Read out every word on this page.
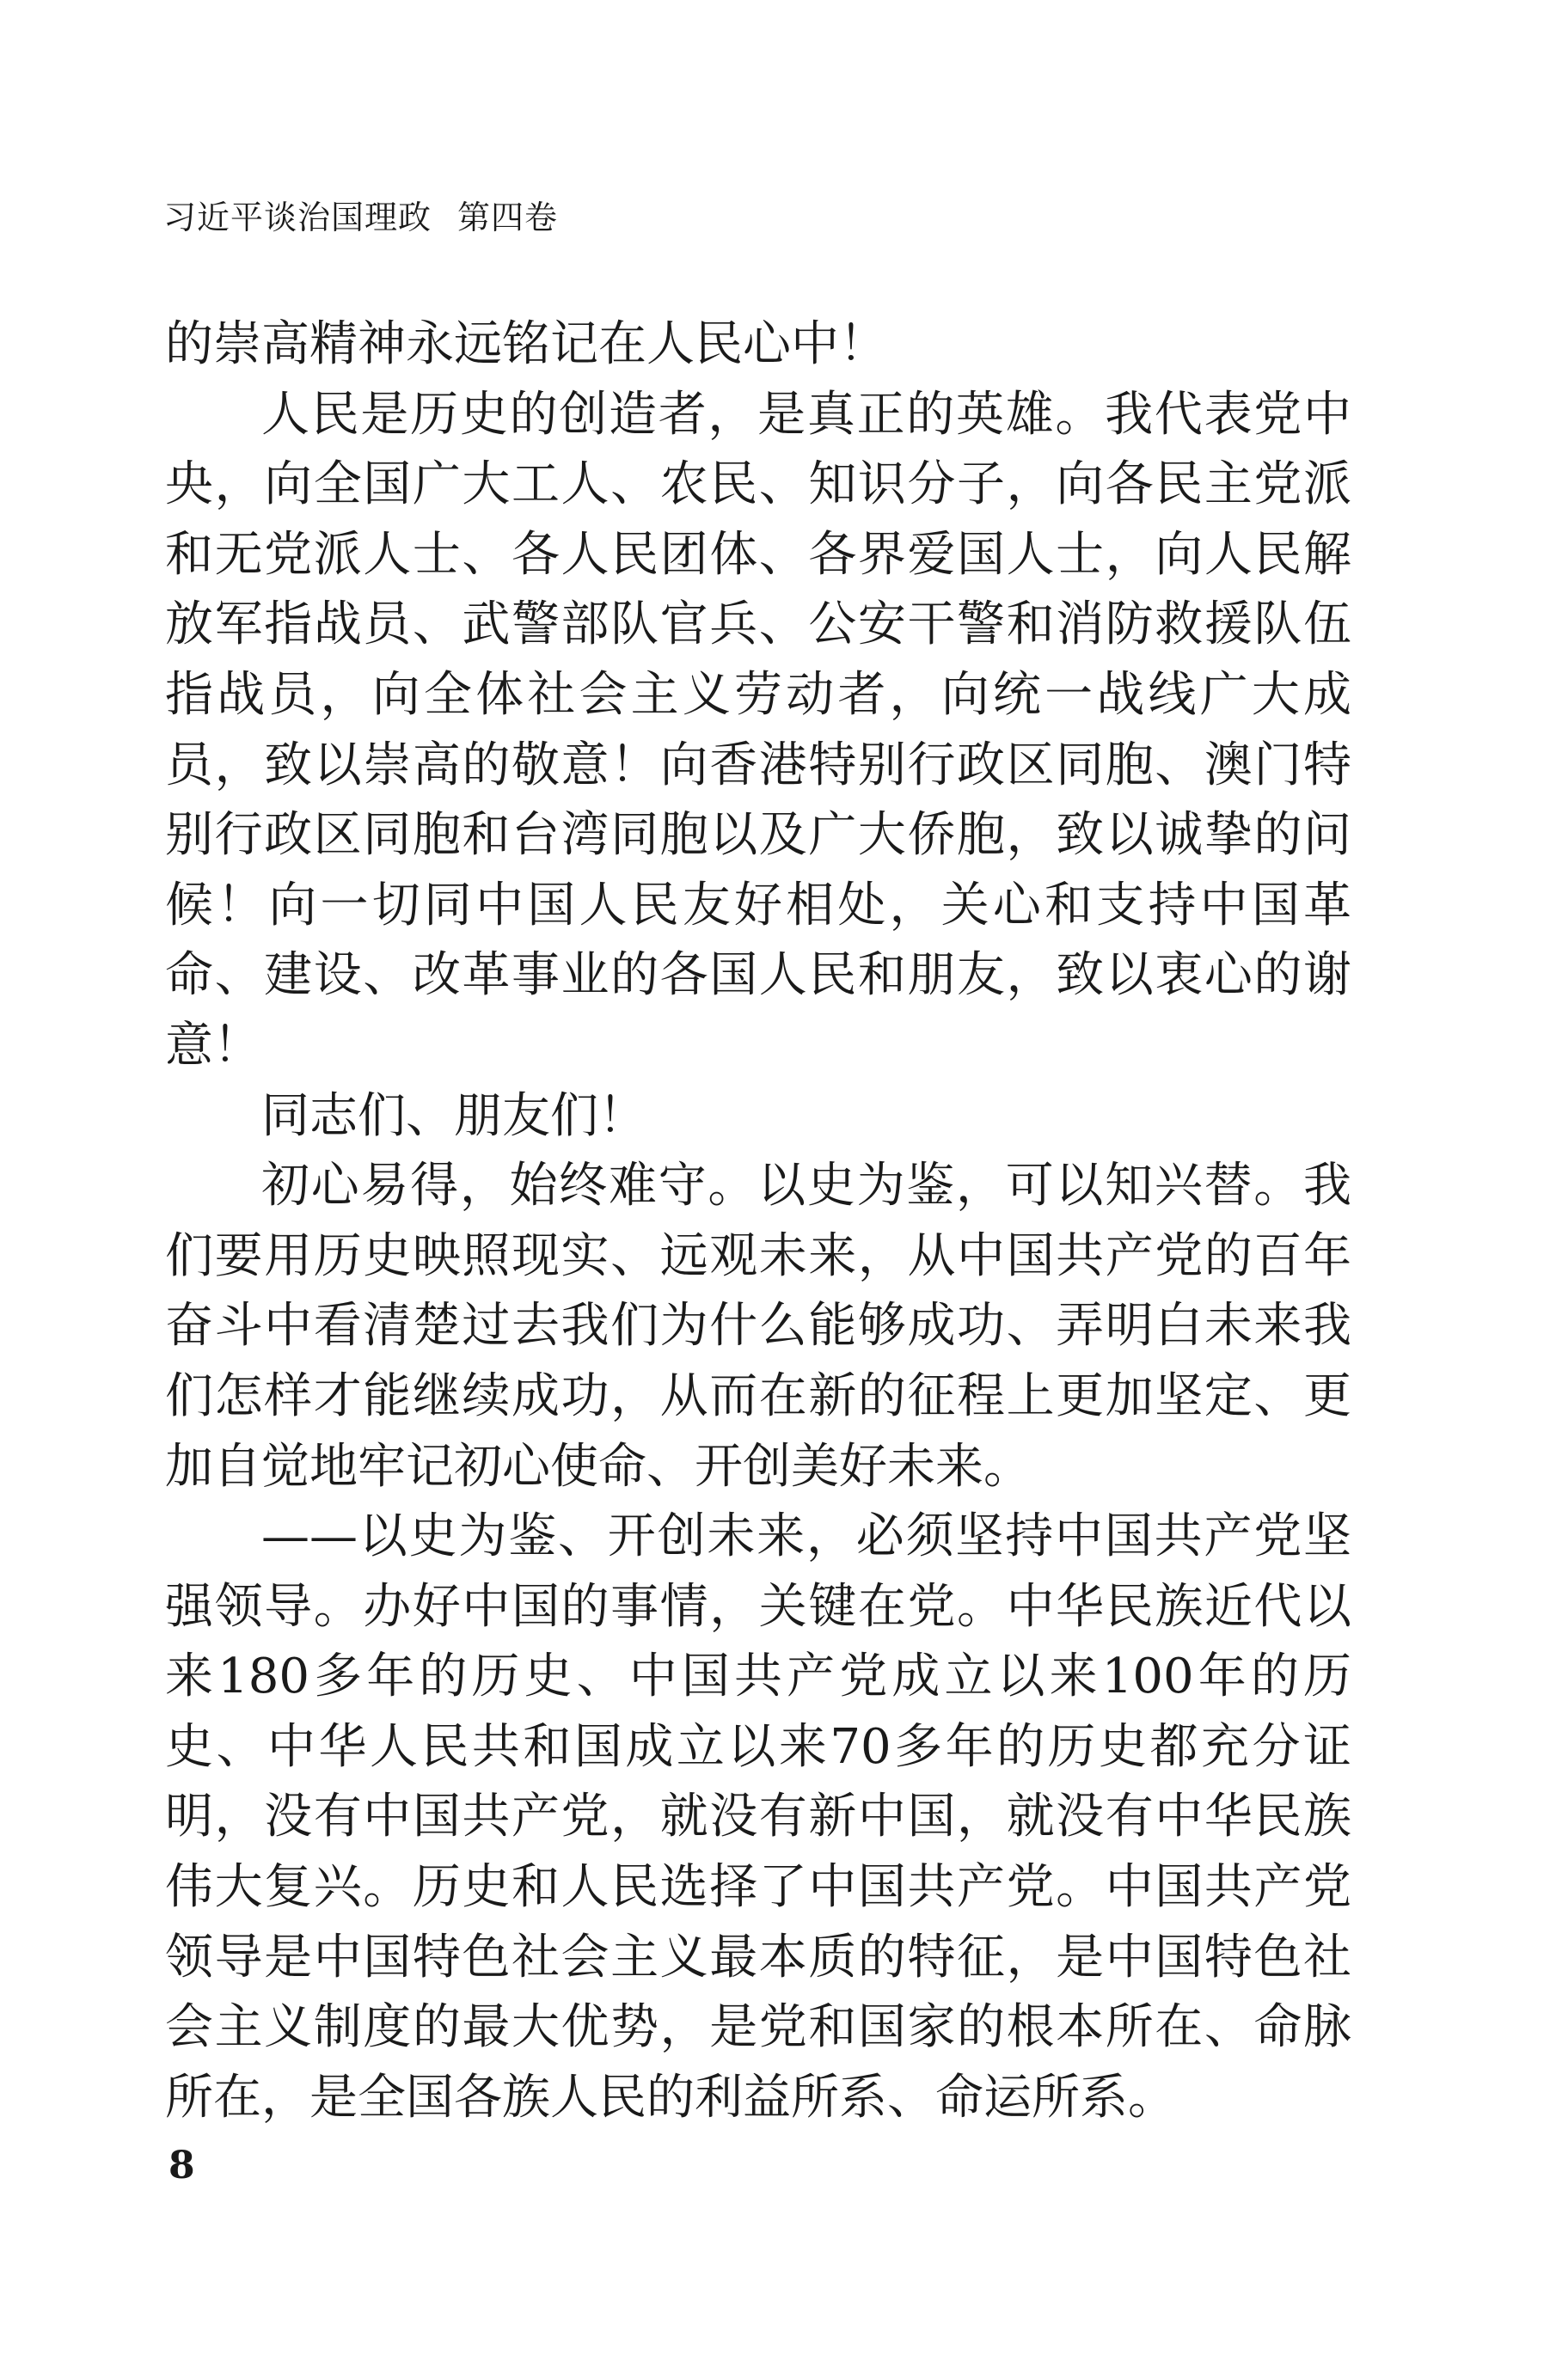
习近平谈治国理政 第四卷

的崇高精神永远铭记在人民心中！

人民是历史的创造者，是真正的英雄。我代表党中央，向全国广大工人、农民、知识分子，向各民主党派和无党派人士、各人民团体、各界爱国人士，向人民解放军指战员、武警部队官兵、公安干警和消防救援队伍指战员，向全体社会主义劳动者，向统一战线广大成员，致以崇高的敬意！向香港特别行政区同胞、澳门特别行政区同胞和台湾同胞以及广大侨胞，致以诚挚的问候！向一切同中国人民友好相处，关心和支持中国革命、建设、改革事业的各国人民和朋友，致以衷心的谢意！

同志们、朋友们！

初心易得，始终难守。以史为鉴，可以知兴替。我们要用历史映照现实、远观未来，从中国共产党的百年奋斗中看清楚过去我们为什么能够成功、弄明白未来我们怎样才能继续成功，从而在新的征程上更加坚定、更加自觉地牢记初心使命、开创美好未来。

——以史为鉴、开创未来，必须坚持中国共产党坚强领导。办好中国的事情，关键在党。中华民族近代以来180多年的历史、中国共产党成立以来100年的历史、中华人民共和国成立以来70多年的历史都充分证明，没有中国共产党，就没有新中国，就没有中华民族伟大复兴。历史和人民选择了中国共产党。中国共产党领导是中国特色社会主义最本质的特征，是中国特色社会主义制度的最大优势，是党和国家的根本所在、命脉所在，是全国各族人民的利益所系、命运所系。

8
